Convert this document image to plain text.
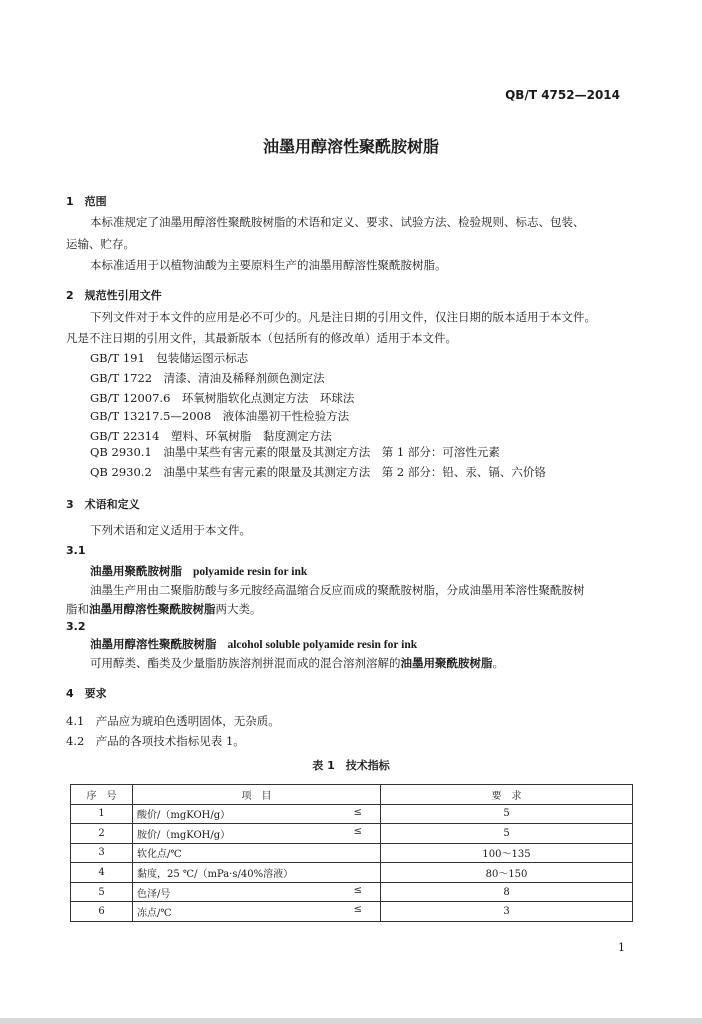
QB/T 4752—2014
油墨用醇溶性聚酰胺树脂
1　范围
本标准规定了油墨用醇溶性聚酰胺树脂的术语和定义、要求、试验方法、检验规则、标志、包装、
运输、贮存。
本标准适用于以植物油酸为主要原料生产的油墨用醇溶性聚酰胺树脂。
2　规范性引用文件
下列文件对于本文件的应用是必不可少的。凡是注日期的引用文件，仅注日期的版本适用于本文件。
凡是不注日期的引用文件，其最新版本（包括所有的修改单）适用于本文件。
GB/T 191　包装储运图示标志
GB/T 1722　清漆、清油及稀释剂颜色测定法
GB/T 12007.6　环氧树脂软化点测定方法　环球法
GB/T 13217.5—2008　液体油墨初干性检验方法
GB/T 22314　塑料、环氧树脂　黏度测定方法
QB 2930.1　油墨中某些有害元素的限量及其测定方法　第 1 部分：可溶性元素
QB 2930.2　油墨中某些有害元素的限量及其测定方法　第 2 部分：铅、汞、镉、六价铬
3　术语和定义
下列术语和定义适用于本文件。
3.1
油墨用聚酰胺树脂 polyamide resin for ink
油墨生产用由二聚脂肪酸与多元胺经高温缩合反应而成的聚酰胺树脂，分成油墨用苯溶性聚酰胺树
脂和油墨用醇溶性聚酰胺树脂两大类。
3.2
油墨用醇溶性聚酰胺树脂 alcohol soluble polyamide resin for ink
可用醇类、酯类及少量脂肪族溶剂拼混而成的混合溶剂溶解的油墨用聚酰胺树脂。
4　要求
4.1　产品应为琥珀色透明固体，无杂质。
4.2　产品的各项技术指标见表 1。
表 1　技术指标
序　号	项　目	要　求
1	酸价/（mgKOH/g） ≤	5
2	胺价/（mgKOH/g） ≤	5
3	软化点/℃	100～135
4	黏度，25 ℃/（mPa·s/40%溶液）	80～150
5	色泽/号 ≤	8
6	冻点/℃ ≤	3
1
